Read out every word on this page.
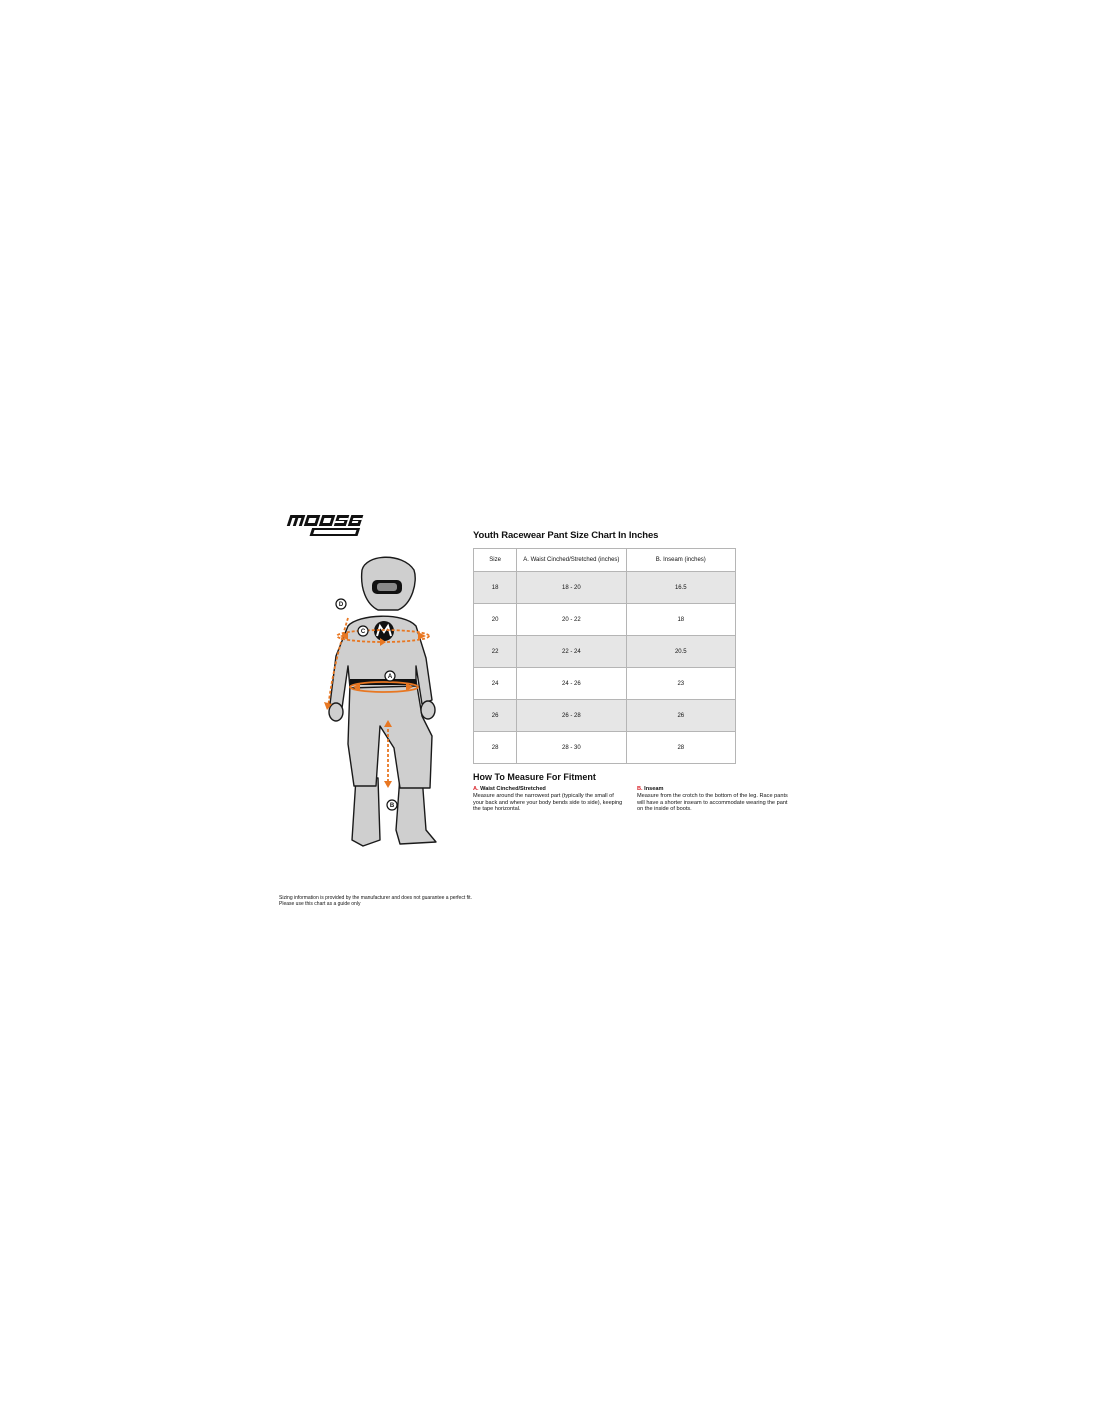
D
C
A
B
Youth Racewear Pant Size Chart In Inches
Size	A. Waist Cinched/Stretched (inches)	B. Inseam (inches)
18	18 - 20	16.5
20	20 - 22	18
22	22 - 24	20.5
24	24 - 26	23
26	26 - 28	26
28	28 - 30	28
How To Measure For Fitment
A. Waist Cinched/Stretched
Measure around the narrowest part (typically the small of your back and where your body bends side to side), keeping the tape horizontal.
B. Inseam
Measure from the crotch to the bottom of the leg. Race pants will have a shorter inseam to accommodate wearing the pant on the inside of boots.
Sizing information is provided by the manufacturer and does not guarantee a perfect fit.
Please use this chart as a guide only
